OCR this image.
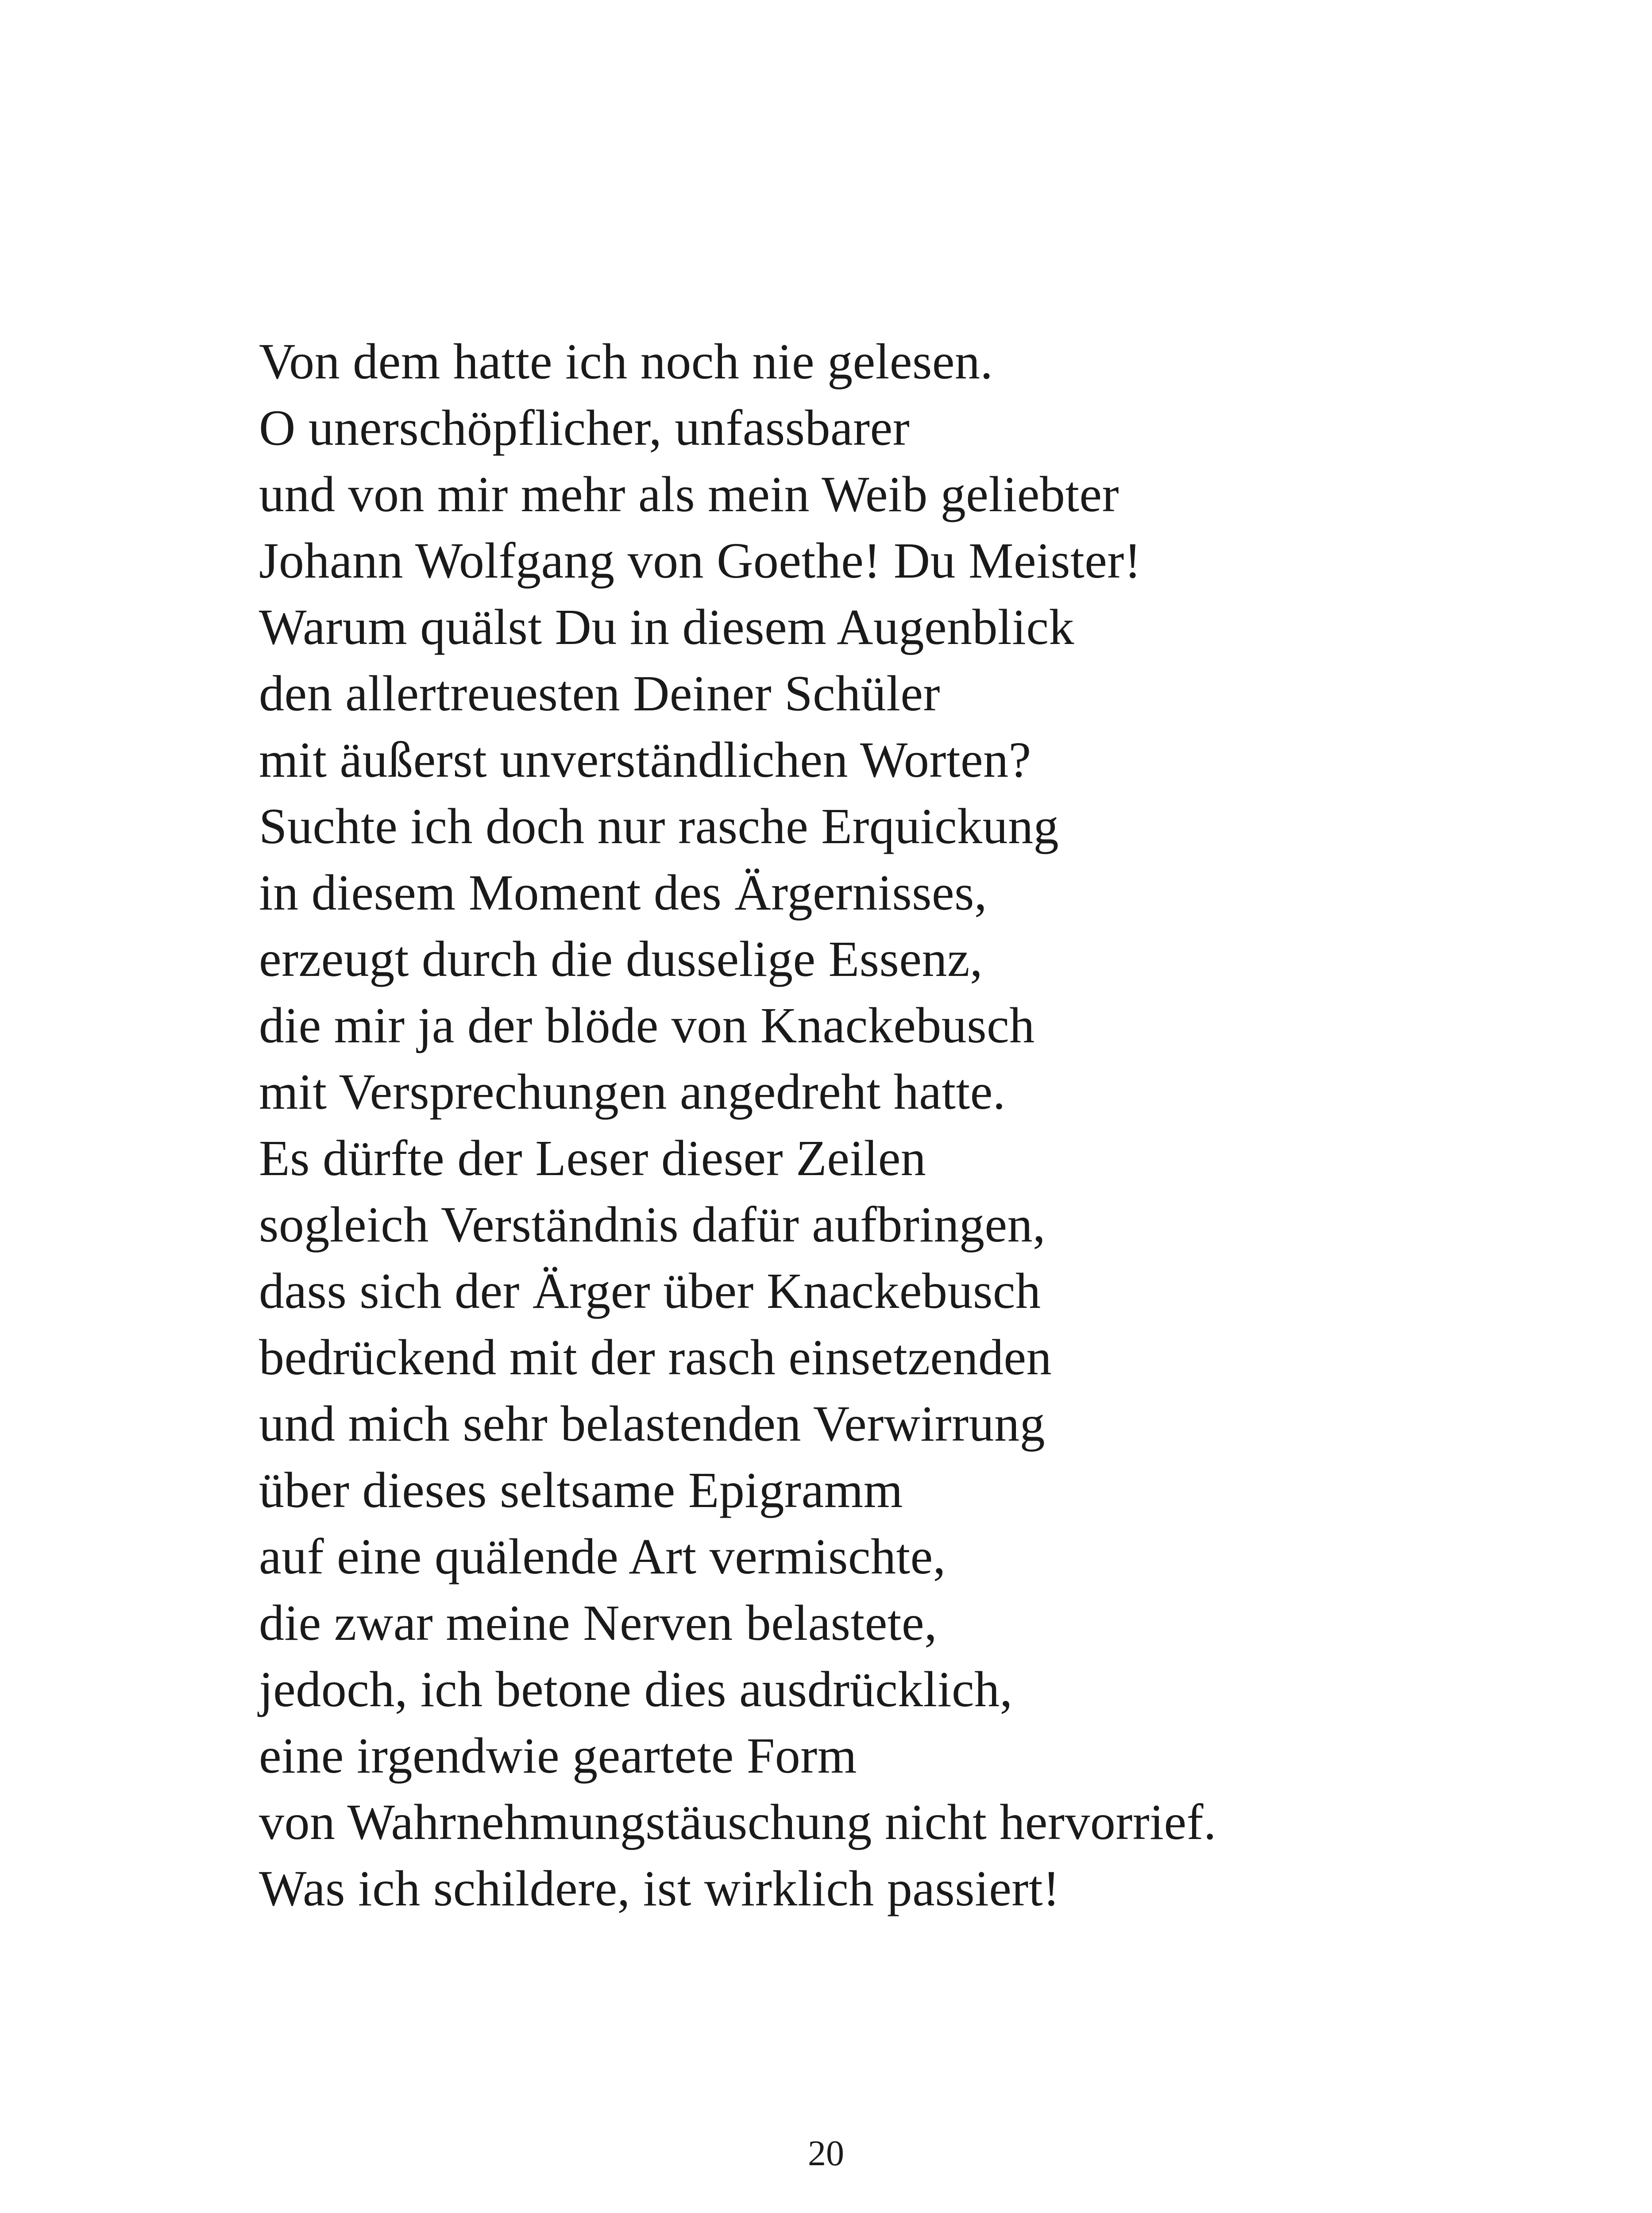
Von dem hatte ich noch nie gelesen.
O unerschöpflicher, unfassbarer
und von mir mehr als mein Weib geliebter
Johann Wolfgang von Goethe! Du Meister!
Warum quälst Du in diesem Augenblick
den allertreuesten Deiner Schüler
mit äußerst unverständlichen Worten?
Suchte ich doch nur rasche Erquickung
in diesem Moment des Ärgernisses,
erzeugt durch die dusselige Essenz,
die mir ja der blöde von Knackebusch
mit Versprechungen angedreht hatte.
Es dürfte der Leser dieser Zeilen
sogleich Verständnis dafür aufbringen,
dass sich der Ärger über Knackebusch
bedrückend mit der rasch einsetzenden
und mich sehr belastenden Verwirrung
über dieses seltsame Epigramm
auf eine quälende Art vermischte,
die zwar meine Nerven belastete,
jedoch, ich betone dies ausdrücklich,
eine irgendwie geartete Form
von Wahrnehmungstäuschung nicht hervorrief.
Was ich schildere, ist wirklich passiert!
20
